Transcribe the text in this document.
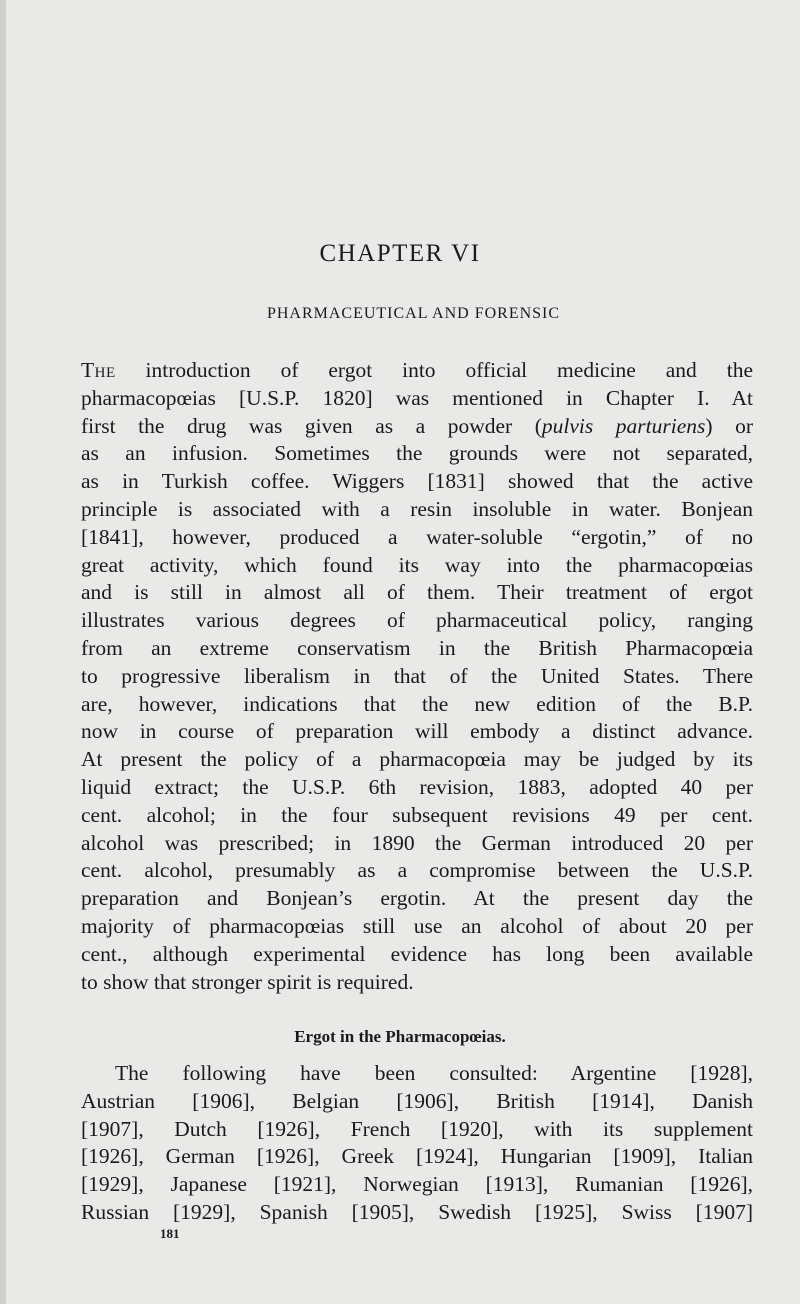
CHAPTER VI
PHARMACEUTICAL AND FORENSIC
The introduction of ergot into official medicine and the
pharmacopœias [U.S.P. 1820] was mentioned in Chapter I. At
first the drug was given as a powder (pulvis parturiens) or
as an infusion. Sometimes the grounds were not separated,
as in Turkish coffee. Wiggers [1831] showed that the active
principle is associated with a resin insoluble in water. Bonjean
[1841], however, produced a water-soluble “ergotin,” of no
great activity, which found its way into the pharmacopœias
and is still in almost all of them. Their treatment of ergot
illustrates various degrees of pharmaceutical policy, ranging
from an extreme conservatism in the British Pharmacopœia
to progressive liberalism in that of the United States. There
are, however, indications that the new edition of the B.P.
now in course of preparation will embody a distinct advance.
At present the policy of a pharmacopœia may be judged by its
liquid extract; the U.S.P. 6th revision, 1883, adopted 40 per
cent. alcohol; in the four subsequent revisions 49 per cent.
alcohol was prescribed; in 1890 the German introduced 20 per
cent. alcohol, presumably as a compromise between the U.S.P.
preparation and Bonjean’s ergotin. At the present day the
majority of pharmacopœias still use an alcohol of about 20 per
cent., although experimental evidence has long been available
to show that stronger spirit is required.
Ergot in the Pharmacopœias.
The following have been consulted: Argentine [1928],
Austrian [1906], Belgian [1906], British [1914], Danish
[1907], Dutch [1926], French [1920], with its supplement
[1926], German [1926], Greek [1924], Hungarian [1909], Italian
[1929], Japanese [1921], Norwegian [1913], Rumanian [1926],
Russian [1929], Spanish [1905], Swedish [1925], Swiss [1907]
181
